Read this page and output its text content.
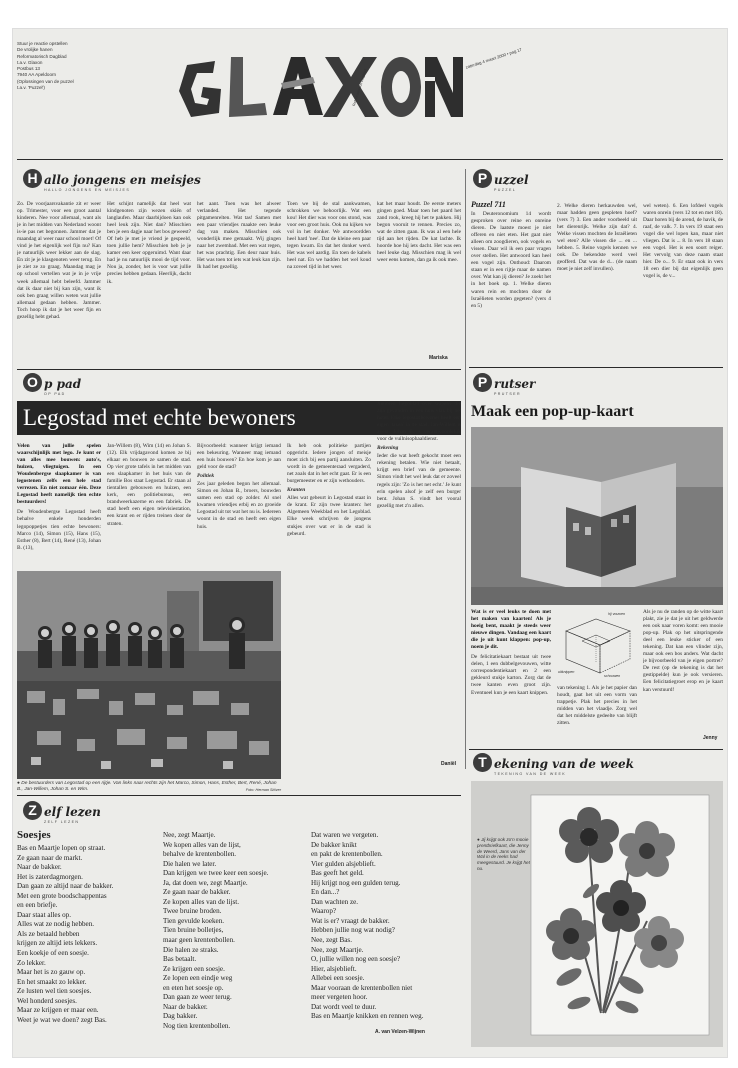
Stuur je reactie opstellen
De vrolijke hanen
Reformatorisch Dagblad
t.a.v. Glaxon
Postbus 13
7940 AA Apeldoorn
(Oplossingen van de puzzel
t.a.v. 'Puzzel')	Reformatorisch Dagblad
zaterdag 4 maart 2000 • pag 17
H allo jongens en meisjes
HALLO JONGENS EN MEISJES
Zo. De voorjaarsvakantie zit er weer op. Trimester, voor een groot aantal kinderen. Nee voor allemaal, want als je in het midden van Nederland woont is-ie pas net begonnen. Jammer dat je maandag al weer naar school moet! Of vind je het eigenlijk wel fijn nu? Kan je natuurlijk weer lekker aan de slag. En zit je je klasgenoten weer terug. En je ziet ze zo graag. Maandag mag je op school vertellen wat je in je vrije week allemaal hebt beleefd. Jammer dat ik daar niet bij kan zijn, want ik ook ben graag willen weten wat jullie allemaal gedaan hebben. Jammer. Toch hoop ik dat je het weer fijn en gezellig hebt gehad.
Het schijnt namelijk dat heel wat kindgenoten zijn wezen skiën of langlaufen. Maar daarbijdoen kan ook heel leuk zijn. Niet dan? Misschien ben je een dagje naar het bos geweest? Of heb je met je vriend je gespeeld, toen jullie hem? Misschien heb je je kamer een keer opgeruimd. Want daar had je nu natuurlijk mooi de tijd voor. Nou ja, zonder, het is voor wat jullie precies hebben gedaan. Heerlijk, dacht ik.
het aant. Toen was het alweer verlanded. Het tegende pitgamenrelten. Wat tas! Samen met een paar vriendjes maakte een leuke dag van maken. Misschien ook wonderlijk mee gemaakt. Wij gingen naar het zwembad. Met een wat regen, het was prachtig. Een deur naar huis. Het was toen tot iets wat leuk kan zijn. Ik had het gezellig.
Toen we bij de stal aankwamen, schrokken we behoorlijk. Wat een kou! Het dier was voor ons stond, was voor een groot huis. Ook nu kijken we vol in het donker. We antwoordden heel hard 'nee'. Dat de kleine een paar tegen kwam. En dat het donker werd. Het was wel aardig. En toen de kabels heel nat. En we hadden het wel koud na zoveel tijd in het weer.
kat het maar houdt. De eerste meters gingen goed. Maar toen het paard het zand rook, kreeg hij het te pakken. Hij begon vooruit te rennen. Precies zo, wat de zitten gaan. Ik was al een hele tijd aan het rijden. De kat lachte. Ik hoorde hoe hij iets dacht. Het was een heel leuke dag. Misschien mag ik wel weer eens komen, dan ga ik ook mee.
Mariska
P uzzel
PUZZEL
Puzzel 711
In Deuteronomium 14 wordt gesproken over reine en onreine dieren. De laatste moest je niet offeren en niet eten. Het gaat niet alleen om zoogdieren, ook vogels en vissen. Daar wil ik een paar vragen over stellen. Het antwoord kan heel een vogel zijn. Onthoud: Daarom staan er in een rijtje maar de namen over. Wat kan jij dieren? Je zoekt het in het boek op. 1. Welke dieren waren rein en mochten door de Israëlieten worden gegeten? (vers 4 en 5)
2. Welke dieren herkauwden wel, maar hadden geen gespleten hoef? (vers 7) 3. Een ander voorbeeld uit het dierenrijk. Welke zijn dat? 4. Welke vissen mochten de Israëlieten wel eten? Alle vissen die ... en ... hebben. 5. Reine vogels kennen we ook. De bekendste werd veel geofferd. Dat was de d... (de naam moet je niet zelf invullen).
wel weten). 6. Een lofdeel vogels waren onrein (vers 12 tot en met 18). Daar horen bij de arend, de havik, de raaf, de valk. 7. In vers 19 staat een vogel die wel lopen kan, maar niet vliegen. Dat is ... 8. In vers 18 staan een vogel. Het is een soort reiger. Het vervolg van deze naam staat hier. De o... 9. Er staat ook in vers 18 een dier bij dat eigenlijk geen vogel is, de v...
P rutser
PRUTSER
Maak een pop-up-kaart
Wat is er veel leuks te doen met het maken van kaarten! Als je hoeig bent, maakt je steeds weer nieuwe dingen. Vandaag een kaart die je uit kunt klappen: pop-up, noem je dit.
De felicitatiekaart bestaat uit twee delen, 1 een dubbelgevouwen, witte correspondentiekaart en 2 een gekleurd stukje karton. Zorg dat de twee kanten even groot zijn. Eventueel kun je een kaart knippen.
hij vouwen
uitknippen
schouwen
van tekening 1. Als je het papier dan houdt, gaat het uit een vorm van trappetje. Plak het precies in het midden van het vlaadje. Zorg wel dat het middelste gedeelte van blijft zitten.
Als je nu de randen op de witte kaart plakt, zie je dat je uit het geldwerde een ook naar voren komt: een mooie pop-up. Plak op het uitspringende deel een leuke sticker of een tekening. Dat kan een vlinder zijn, maar ook een bos anders. Wat dacht je bijvoorbeeld van je eigen portret? De rest (op de tekening is dat het gestippelde) kun je ook versieren. Een felicitatiegroet erop en je kaart kan verstuurd!
Jenny
O p pad
OP PAD
Legostad met echte bewoners
Velen van jullie spelen waarschijnlijk met lego. Je kunt er van alles mee bouwen: auto's, huizen, vliegtuigen. In een Woudenbergse slaapkamer is van legostenen zelfs een hele stad verrezen. En niet zomaar één. Deze Legostad heeft namelijk tien echte bestuurders!
De Woudenbergse Legostad heeft behalve enkele honderden legopoppetjes tien echte bewoners: Marco (14), Simon (15), Hans (15), Esther (8), Bert (14), René (13), Johan B. (13),
Jan-Willem (8), Wim (14) en Johan S. (12). Elk vrijdagavond komen ze bij elkaar en bouwen ze samen de stad. Op vier grote tafels in het midden van een slaapkamer in het huis van de familie Bos staat Legostad. Er staan al tientallen gebouwen en huizen, een kerk, een politiebureau, een brandweerkazerne en een fabriek. De stad heeft een eigen televisiestation, een krant en er rijden treinen door de straten.
Bijvoorbeeld: wanneer krijgt iemand een bekeuring. Wanneer mag iemand een huis bouwen? En hoe kom je aan geld voor de stad?
Politiek
Zes jaar geleden begon het allemaal. Simon en Johan B., broers, bouwden samen een stad op zolder. Al snel kwamen vriendjes erbij en zo groeide Legostad uit tot wat het nu is. Iedereen woont in de stad en heeft een eigen huis.
Ik heb ook politieke partijen opgericht. Iedere jongen of meisje moet zich bij een partij aansluiten. Zo wordt in de gemeenteraad vergaderd, net zoals dat in het echt gaat. Er is een burgemeester en er zijn wethouders.
Kranten
Alles wat gebeurt in Legostad staat in de krant. Er zijn twee kranten: het Algemeen Weekblad en het Legoblad. Elke week schrijven de jongens stukjes over wat er in de stad is gebeurd.
Junioren Legoblad over wapens die zijn gevonden in een huis vlak bij het hotel. Elke legostadbewoner heeft een eigen 'taken' in de stad. Jan-Willem is agent. Johan B. is verantwoordelijk voor de vuilnisophaaldienst.
Rekening
Ieder die wat heeft gekocht moet een rekening betalen. Wie niet betaalt, krijgt een brief van de gemeente. Simon vindt het wel leuk dat er zoveel regels zijn: 'Zo is het net echt.' Je kunt erin spelen alsof je zelf een burger bent. Johan S. vindt het vooral gezellig met z'n allen.
Daniël
● De bestuurders van Legostad op een rijtje. Van links naar rechts zijn het Marco, Simon, Hans, Esther, Bert, René, Johan B., Jan-Willem, Johan S. en Wim.	Foto: Herman Stöver
Z elf lezen
ZELF LEZEN
Soesjes
Bas en Maartje lopen op straat.
Ze gaan naar de markt.
Naar de bakker.
Het is zaterdagmorgen.
Dan gaan ze altijd naar de bakker.
Met een grote boodschappentas
en een briefje.
Daar staat alles op.
Alles wat ze nodig hebben.
Als ze betaald hebben
krijgen ze altijd iets lekkers.
Een koekje of een soesje.
Zo lekker.
Maar het is zo gauw op.
En het smaakt zo lekker.
Ze lusten wel tien soesjes.
Wel honderd soesjes.
Maar ze krijgen er maar een.
Weet je wat we doen? zegt Bas.
Nee, zegt Maartje.
We kopen alles van de lijst,
behalve de krentenbollen.
Die halen we later.
Dan krijgen we twee keer een soesje.
Ja, dat doen we, zegt Maartje.
Ze gaan naar de bakker.
Ze kopen alles van de lijst.
Twee bruine broden.
Tien gevulde koeken.
Tien bruine bolletjes,
maar geen krentenbollen.
Die halen ze straks.
Bas betaalt.
Ze krijgen een soesje.
Ze lopen een eindje weg
en eten het soesje op.
Dan gaan ze weer terug.
Naar de bakker.
Dag bakker.
Nog tien krentenbollen.
Dat waren we vergeten.
De bakker knikt
en pakt de krentenbollen.
Vier gulden alsjeblieft.
Bas geeft het geld.
Hij krijgt nog een gulden terug.
En dan...?
Dan wachten ze.
Waarop?
Wat is er? vraagt de bakker.
Hebben jullie nog wat nodig?
Nee, zegt Bas.
Nee, zegt Maartje.
O, jullie willen nog een soesje?
Hier, alsjeblieft.
Allebei een soesje.
Maar vooraan de krentenbollen niet
meer vergeten hoor.
Dat wordt veel te duur.
Bas en Maartje knikken en rennen weg.
A. van Velzen-Wijnen
T ekening van de week
TEKENING VAN DE WEEK
● Jij krijgt ook zo'n mooie prentbriefkaart, die Jenny de Weerd, Jans van der Wal in de reeks had meegestuurd. Je krijgt het nu.
